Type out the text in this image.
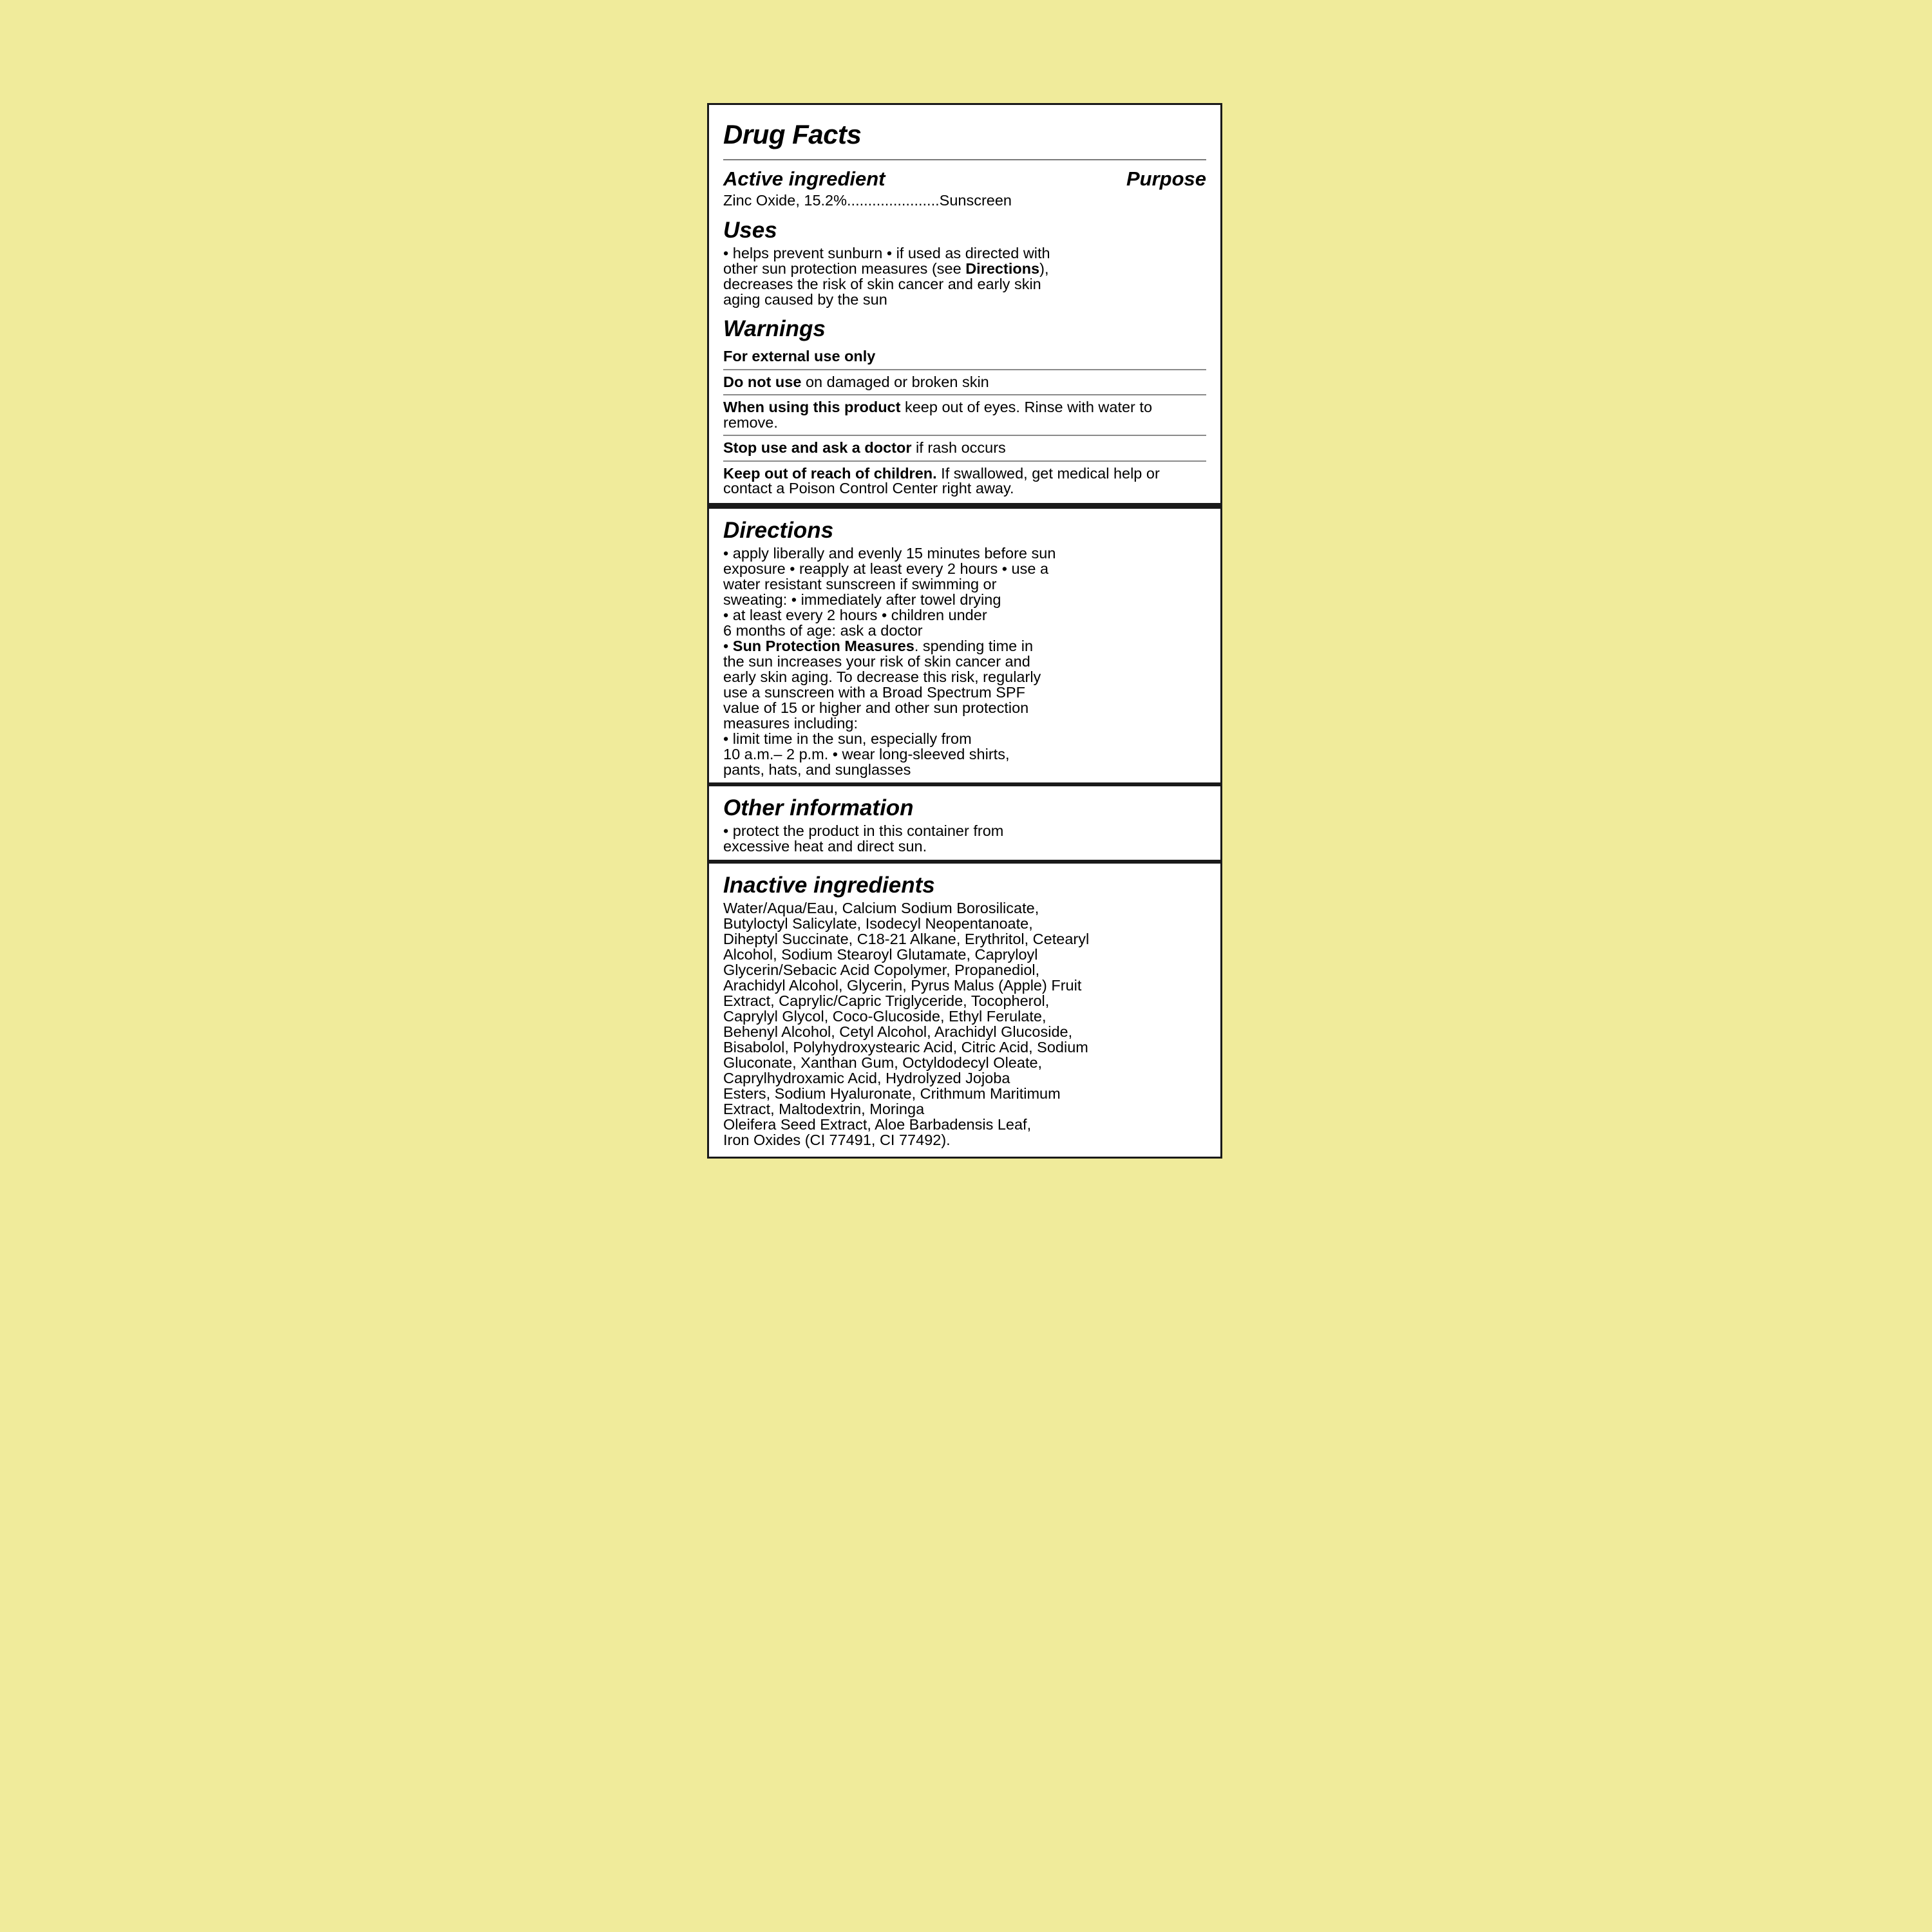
Drug Facts
Active ingredient	Purpose
Zinc Oxide, 15.2%......................Sunscreen
Uses

• helps prevent sunburn • if used as directed with

other sun protection measures (see Directions),

decreases the risk of skin cancer and early skin

aging caused by the sun

Warnings
For external use only
Do not use on damaged or broken skin
When using this product keep out of eyes. Rinse with water to remove.
Stop use and ask a doctor if rash occurs
Keep out of reach of children. If swallowed, get medical help or contact a Poison Control Center right away.
Directions

• apply liberally and evenly 15 minutes before sun

exposure • reapply at least every 2 hours • use a

water resistant sunscreen if swimming or

sweating: • immediately after towel drying

• at least every 2 hours • children under

6 months of age: ask a doctor

• Sun Protection Measures. spending time in

the sun increases your risk of skin cancer and

early skin aging. To decrease this risk, regularly

use a sunscreen with a Broad Spectrum SPF

value of 15 or higher and other sun protection

measures including:

• limit time in the sun, especially from

10 a.m.– 2 p.m. • wear long-sleeved shirts,

pants, hats, and sunglasses

Other information

• protect the product in this container from

excessive heat and direct sun.

Inactive ingredients

Water/Aqua/Eau, Calcium Sodium Borosilicate,

Butyloctyl Salicylate, Isodecyl Neopentanoate,

Diheptyl Succinate, C18-21 Alkane, Erythritol, Cetearyl

Alcohol, Sodium Stearoyl Glutamate, Capryloyl

Glycerin/Sebacic Acid Copolymer, Propanediol,

Arachidyl Alcohol, Glycerin, Pyrus Malus (Apple) Fruit

Extract, Caprylic/Capric Triglyceride, Tocopherol,

Caprylyl Glycol, Coco-Glucoside, Ethyl Ferulate,

Behenyl Alcohol, Cetyl Alcohol, Arachidyl Glucoside,

Bisabolol, Polyhydroxystearic Acid, Citric Acid, Sodium

Gluconate, Xanthan Gum, Octyldodecyl Oleate,

Caprylhydroxamic Acid, Hydrolyzed Jojoba

Esters, Sodium Hyaluronate, Crithmum Maritimum

Extract, Maltodextrin, Moringa

Oleifera Seed Extract, Aloe Barbadensis Leaf,

Iron Oxides (CI 77491, CI 77492).
